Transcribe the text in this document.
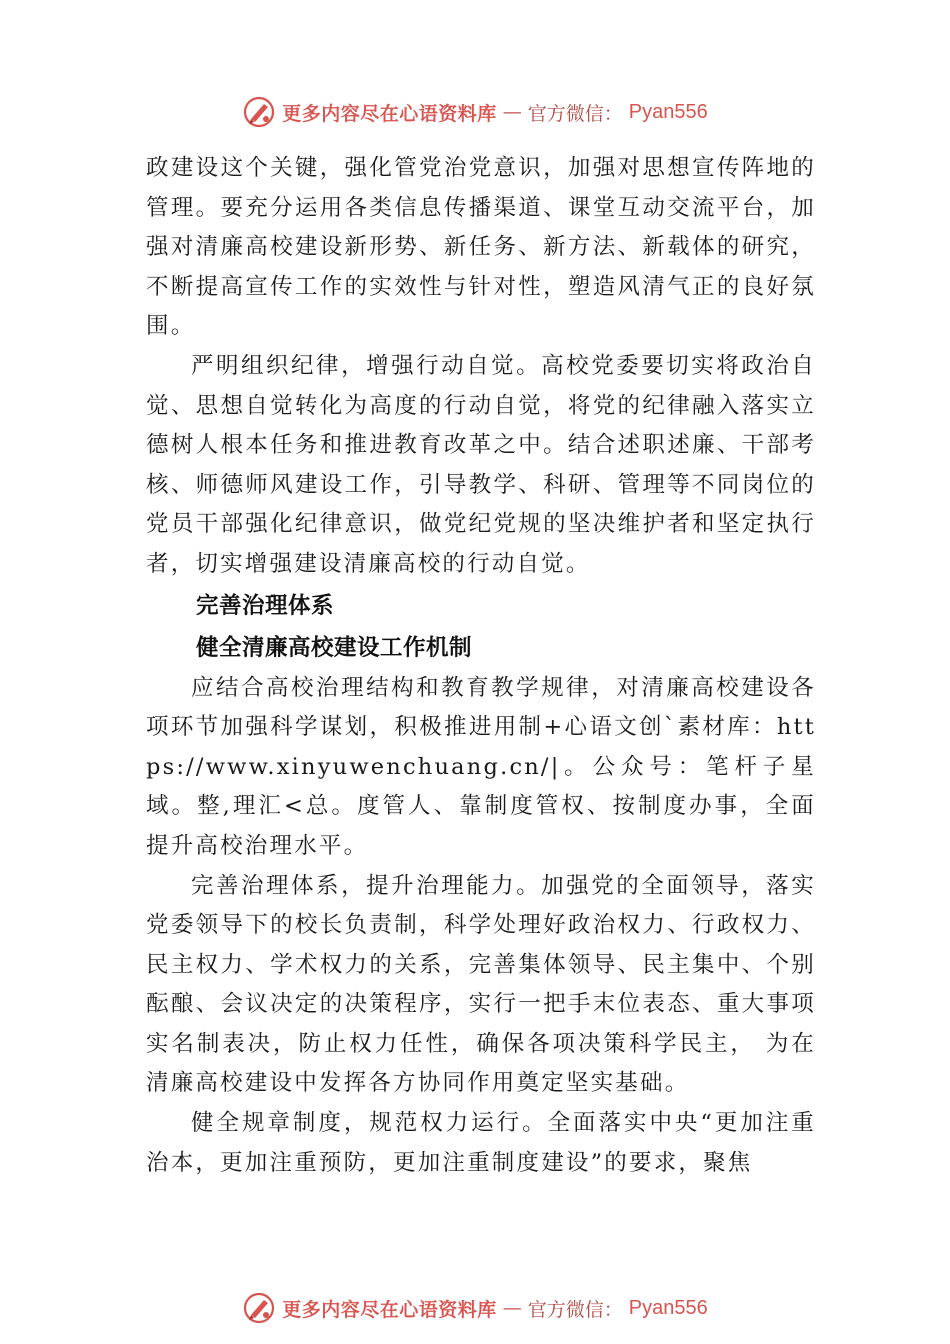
更多内容尽在心语资料库 — 官方微信： Pyan556

政建设这个关键，强化管党治党意识，加强对思想宣传阵地的管理。要充分运用各类信息传播渠道、课堂互动交流平台，加强对清廉高校建设新形势、新任务、新方法、新载体的研究，不断提高宣传工作的实效性与针对性，塑造风清气正的良好氛围。

严明组织纪律，增强行动自觉。高校党委要切实将政治自觉、思想自觉转化为高度的行动自觉，将党的纪律融入落实立德树人根本任务和推进教育改革之中。结合述职述廉、干部考核、师德师风建设工作，引导教学、科研、管理等不同岗位的党员干部强化纪律意识，做党纪党规的坚决维护者和坚定执行者，切实增强建设清廉高校的行动自觉。

完善治理体系
健全清廉高校建设工作机制

应结合高校治理结构和教育教学规律，对清廉高校建设各项环节加强科学谋划，积极推进用制+心语文创`素材库：https://www.xinyuwenchuang.cn/|。公众号：笔杆子星域。整,理汇<总。度管人、靠制度管权、按制度办事，全面提升高校治理水平。

完善治理体系，提升治理能力。加强党的全面领导，落实党委领导下的校长负责制，科学处理好政治权力、行政权力、民主权力、学术权力的关系，完善集体领导、民主集中、个别酝酿、会议决定的决策程序，实行一把手末位表态、重大事项实名制表决，防止权力任性，确保各项决策科学民主， 为在清廉高校建设中发挥各方协同作用奠定坚实基础。

健全规章制度，规范权力运行。全面落实中央“更加注重治本，更加注重预防，更加注重制度建设”的要求，聚焦

更多内容尽在心语资料库 — 官方微信： Pyan556
